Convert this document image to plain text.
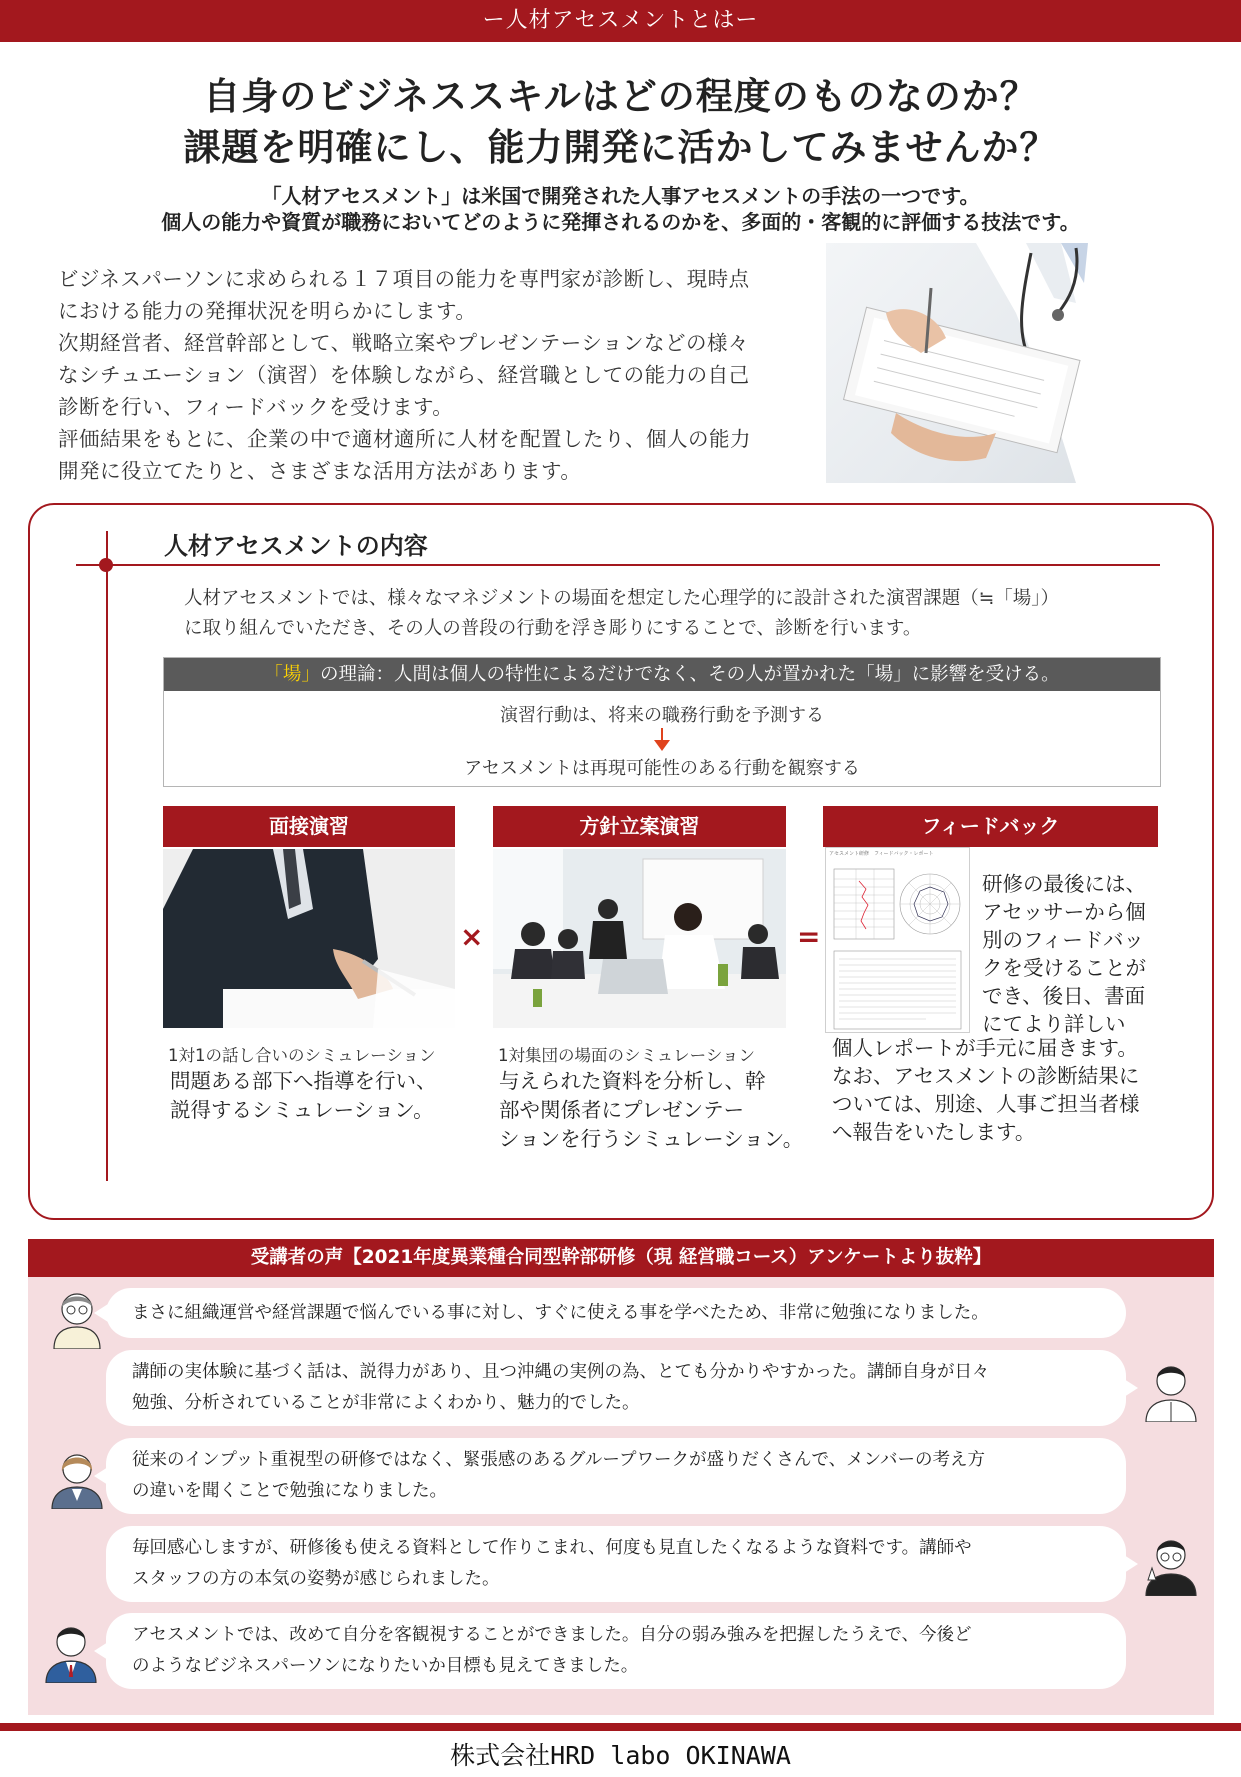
ー人材アセスメントとはー
自身のビジネススキルはどの程度のものなのか？
課題を明確にし、能力開発に活かしてみませんか？
「人材アセスメント」は米国で開発された人事アセスメントの手法の一つです。
個人の能力や資質が職務においてどのように発揮されるのかを、多面的・客観的に評価する技法です。
ビジネスパーソンに求められる１７項目の能力を専門家が診断し、現時点
における能力の発揮状況を明らかにします。
次期経営者、経営幹部として、戦略立案やプレゼンテーションなどの様々
なシチュエーション（演習）を体験しながら、経営職としての能力の自己
診断を行い、フィードバックを受けます。
評価結果をもとに、企業の中で適材適所に人材を配置したり、個人の能力
開発に役立てたりと、さまざまな活用方法があります。
人材アセスメントの内容
人材アセスメントでは、様々なマネジメントの場面を想定した心理学的に設計された演習課題（≒「場」）
に取り組んでいただき、その人の普段の行動を浮き彫りにすることで、診断を行います。
「場」の理論：人間は個人の特性によるだけでなく、その人が置かれた「場」に影響を受ける。
演習行動は、将来の職務行動を予測する
アセスメントは再現可能性のある行動を観察する
面接演習
1対1の話し合いのシミュレーション
問題ある部下へ指導を行い、
説得するシミュレーション。
×
方針立案演習
1対集団の場面のシミュレーション
与えられた資料を分析し、幹
部や関係者にプレゼンテー
ションを行うシミュレーション。
=
フィードバック
アセスメント研修　フィードバック・レポート
研修の最後には、
アセッサーから個
別のフィードバッ
クを受けることが
でき、後日、書面
にてより詳しい
個人レポートが手元に届きます。
なお、アセスメントの診断結果に
ついては、別途、人事ご担当者様
へ報告をいたします。
受講者の声【2021年度異業種合同型幹部研修（現 経営職コース）アンケートより抜粋】
まさに組織運営や経営課題で悩んでいる事に対し、すぐに使える事を学べたため、非常に勉強になりました。
講師の実体験に基づく話は、説得力があり、且つ沖縄の実例の為、とても分かりやすかった。講師自身が日々
勉強、分析されていることが非常によくわかり、魅力的でした。
従来のインプット重視型の研修ではなく、緊張感のあるグループワークが盛りだくさんで、メンバーの考え方
の違いを聞くことで勉強になりました。
毎回感心しますが、研修後も使える資料として作りこまれ、何度も見直したくなるような資料です。講師や
スタッフの方の本気の姿勢が感じられました。
アセスメントでは、改めて自分を客観視することができました。自分の弱み強みを把握したうえで、今後ど
のようなビジネスパーソンになりたいか目標も見えてきました。
株式会社HRD labo OKINAWA
